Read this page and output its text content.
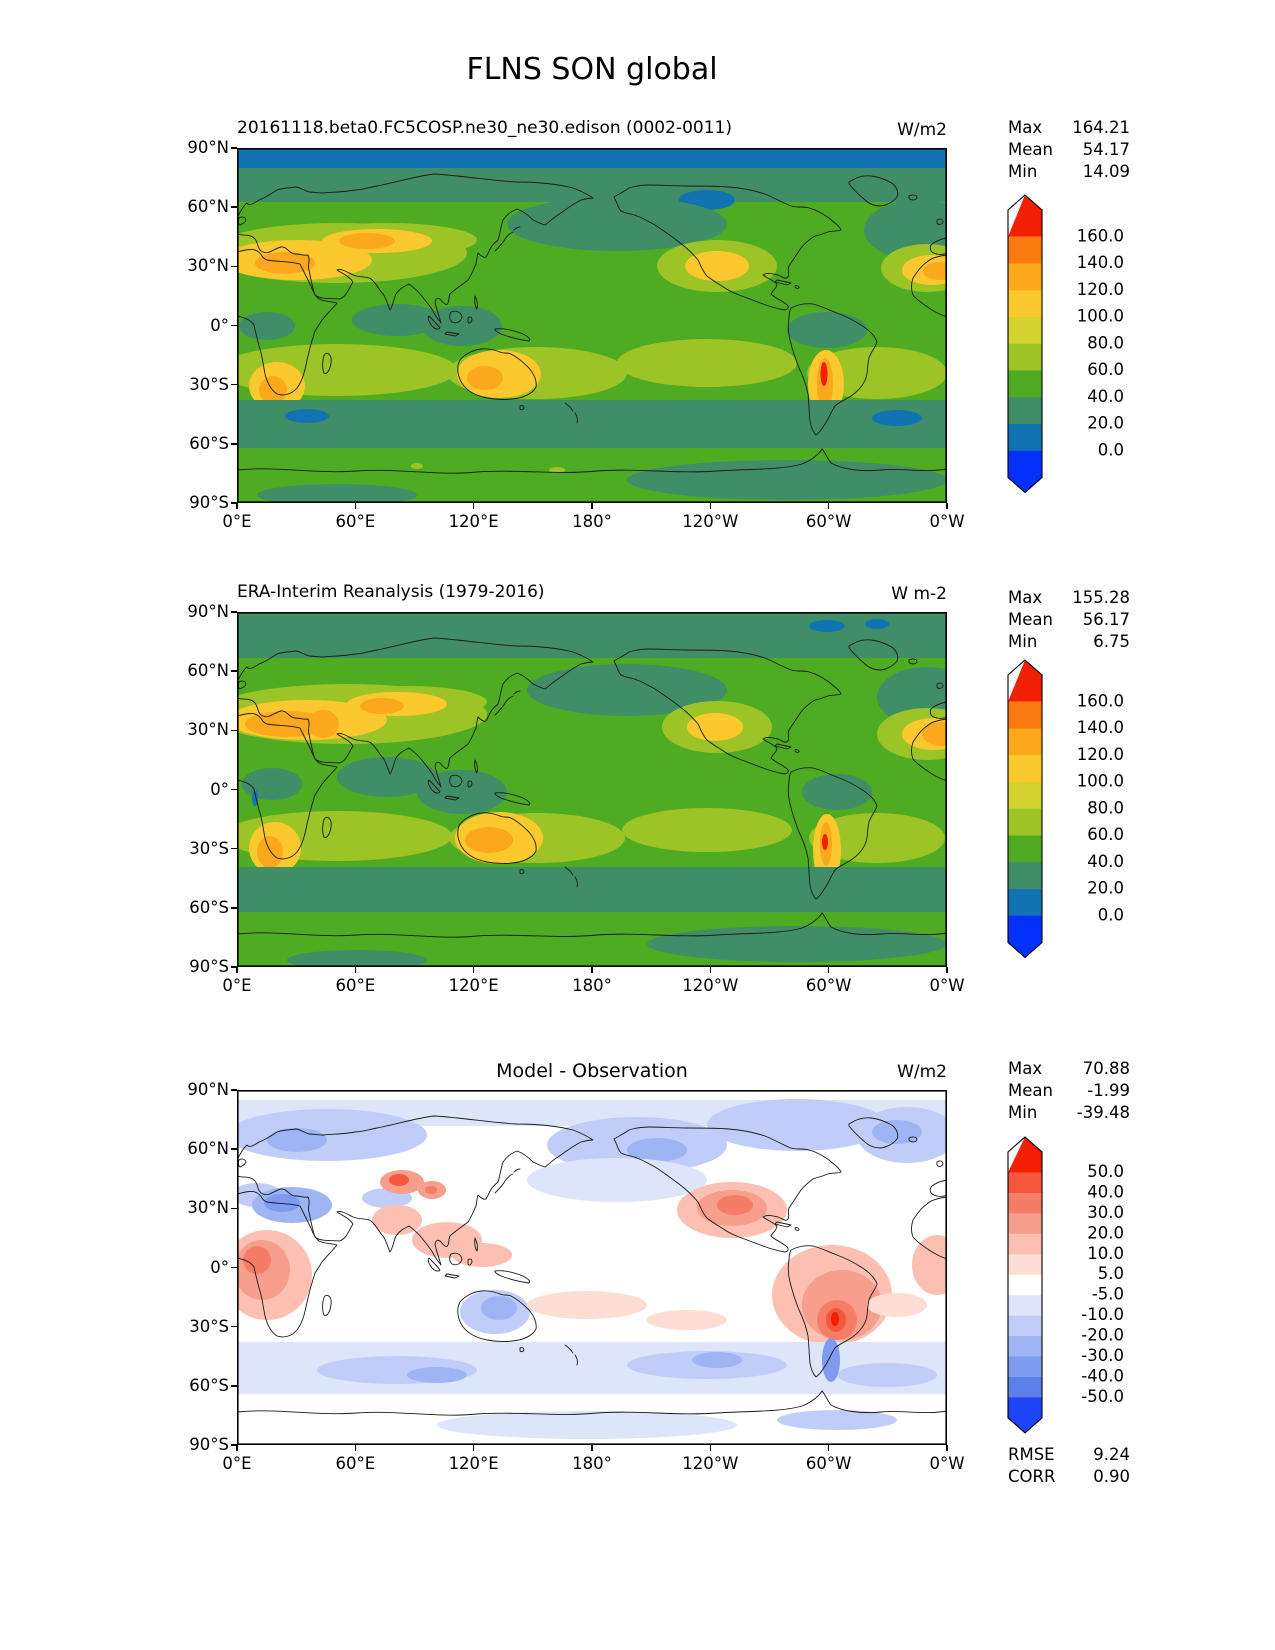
FLNS SON global
20161118.beta0.FC5COSP.ne30_ne30.edison (0002-0011)	W/m2	Max 164.21
Mean 54.17
Min	14.09
160.0
140.0
120.0
100.0
80.0
60.0
40.0
20.0
0.0
ERA-Interim Reanalysis (1979-2016)	W m-2	Max 155.28
Mean 56.17
Min	6.75
160.0
140.0
120.0
100.0
80.0
60.0
40.0
20.0
0.0
Model - Observation	W/m2	Max 70.88
Mean -1.99
Min -39.48
50.0
40.0
30.0
20.0
10.0
5.0
-5.0
-10.0
-20.0
-30.0
-40.0
-50.0
RMSE 9.24
CORR 0.90
90°N
60°N
30°N
0°
30°S
60°S
90°S
0°E	60°E	120°E	180°	120°W	60°W	0°W
90°N
60°N
30°N
0°
30°S
60°S
90°S
0°E	60°E	120°E	180°	120°W	60°W	0°W
90°N
60°N
30°N
0°
30°S
60°S
90°S
0°E	60°E	120°E	180°	120°W	60°W	0°W
